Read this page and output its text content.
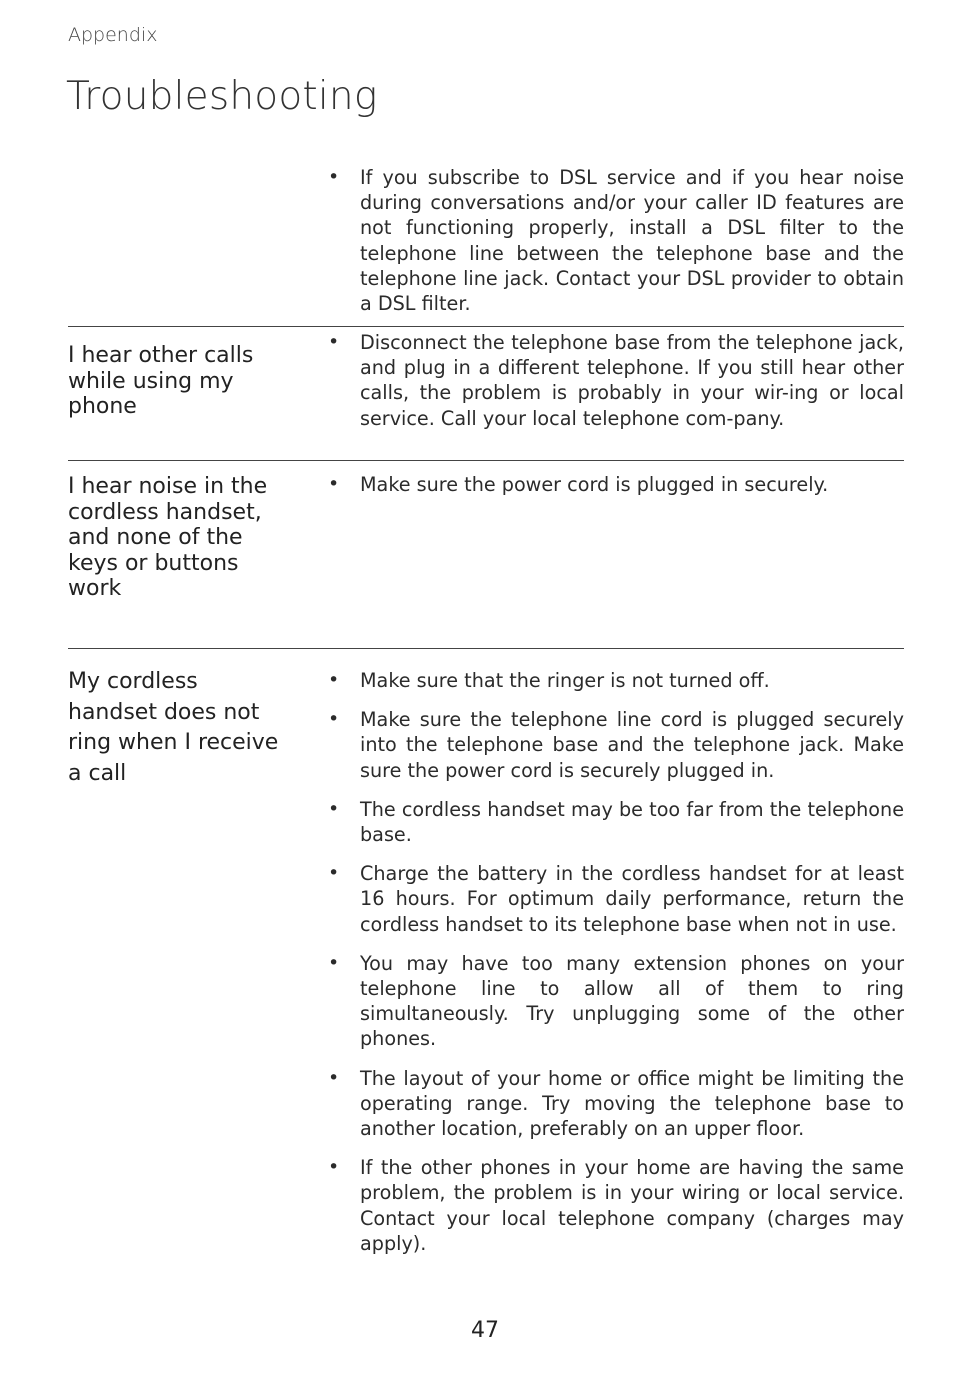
Appendix
Troubleshooting
• If you subscribe to DSL service and if you hear noise during conversations and/or your caller ID features are not functioning properly, install a DSL filter to the telephone line between the telephone base and the telephone line jack. Contact your DSL provider to obtain a DSL filter.
I hear other calls while using my phone
• Disconnect the telephone base from the telephone jack, and plug in a different telephone. If you still hear other calls, the problem is probably in your wir-ing or local service. Call your local telephone com-pany.
I hear noise in the cordless handset, and none of the keys or buttons work
• Make sure the power cord is plugged in securely.
My cordless handset does not ring when I receive a call
• Make sure that the ringer is not turned off.
• Make sure the telephone line cord is plugged securely into the telephone base and the telephone jack. Make sure the power cord is securely plugged in.
• The cordless handset may be too far from the telephone base.
• Charge the battery in the cordless handset for at least 16 hours. For optimum daily performance, return the cordless handset to its telephone base when not in use.
• You may have too many extension phones on your telephone line to allow all of them to ring simultaneously. Try unplugging some of the other phones.
• The layout of your home or office might be limiting the operating range. Try moving the telephone base to another location, preferably on an upper floor.
• If the other phones in your home are having the same problem, the problem is in your wiring or local service. Contact your local telephone company (charges may apply).
47
